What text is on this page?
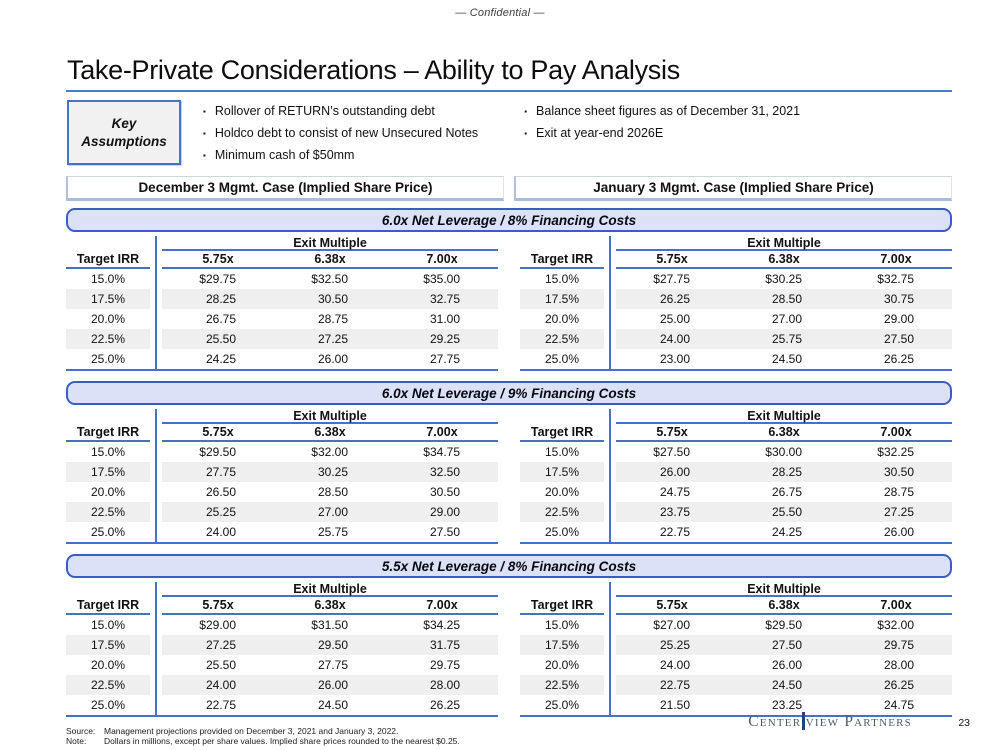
— Confidential —
Take-Private Considerations – Ability to Pay Analysis
Key
Assumptions
▪ Rollover of RETURN’s outstanding debt
▪ Holdco debt to consist of new Unsecured Notes
▪ Minimum cash of $50mm
▪ Balance sheet figures as of December 31, 2021
▪ Exit at year-end 2026E
December 3 Mgmt. Case (Implied Share Price)	January 3 Mgmt. Case (Implied Share Price)
6.0x Net Leverage / 8% Financing Costs
Exit Multiple
Target IRR	5.75x	6.38x	7.00x
15.0%	$29.75	$32.50	$35.00
17.5%	28.25	30.50	32.75
20.0%	26.75	28.75	31.00
22.5%	25.50	27.25	29.25
25.0%	24.25	26.00	27.75
Exit Multiple
Target IRR	5.75x	6.38x	7.00x
15.0%	$27.75	$30.25	$32.75
17.5%	26.25	28.50	30.75
20.0%	25.00	27.00	29.00
22.5%	24.00	25.75	27.50
25.0%	23.00	24.50	26.25
6.0x Net Leverage / 9% Financing Costs
Exit Multiple
Target IRR	5.75x	6.38x	7.00x
15.0%	$29.50	$32.00	$34.75
17.5%	27.75	30.25	32.50
20.0%	26.50	28.50	30.50
22.5%	25.25	27.00	29.00
25.0%	24.00	25.75	27.50
Exit Multiple
Target IRR	5.75x	6.38x	7.00x
15.0%	$27.50	$30.00	$32.25
17.5%	26.00	28.25	30.50
20.0%	24.75	26.75	28.75
22.5%	23.75	25.50	27.25
25.0%	22.75	24.25	26.00
5.5x Net Leverage / 8% Financing Costs
Exit Multiple
Target IRR	5.75x	6.38x	7.00x
15.0%	$29.00	$31.50	$34.25
17.5%	27.25	29.50	31.75
20.0%	25.50	27.75	29.75
22.5%	24.00	26.00	28.00
25.0%	22.75	24.50	26.25
Exit Multiple
Target IRR	5.75x	6.38x	7.00x
15.0%	$27.00	$29.50	$32.00
17.5%	25.25	27.50	29.75
20.0%	24.00	26.00	28.00
22.5%	22.75	24.50	26.25
25.0%	21.50	23.25	24.75
Source:	Management projections provided on December 3, 2021 and January 3, 2022.
Note:	Dollars in millions, except per share values. Implied share prices rounded to the nearest $0.25.
Center view Partners	23
